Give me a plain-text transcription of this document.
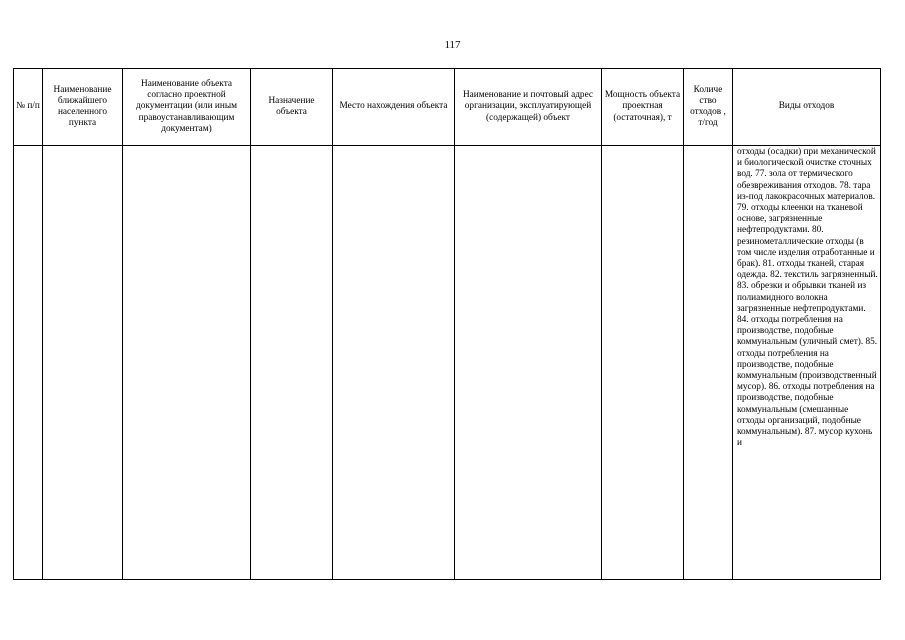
117
№ п/п	Наименование ближайшего населенного пункта	Наименование объекта согласно проектной документации (или иным правоустанавливающим документам)	Назначение объекта	Место нахождения объекта	Наименование и почтовый адрес организации, эксплуатирующей (содержащей) объект	Мощность объекта проектная (остаточная), т	Количе ство отходов , т/год	Виды отходов
								отходы (осадки) при механической и биологической очистке сточных вод. 77. зола от термического обезвреживания отходов. 78. тара из-под лакокрасочных материалов. 79. отходы клеенки на тканевой основе, загрязненные нефтепродуктами. 80. резинометаллические отходы (в том числе изделия отработанные и брак). 81. отходы тканей, старая одежда. 82. текстиль загрязненный. 83. обрезки и обрывки тканей из полиамидного волокна загрязненные нефтепродуктами. 84. отходы потребления на производстве, подобные коммунальным (уличный смет). 85. отходы потребления на производстве, подобные коммунальным (производственный мусор). 86. отходы потребления на производстве, подобные коммунальным (смешанные отходы организаций, подобные коммунальным). 87. мусор кухонь и
